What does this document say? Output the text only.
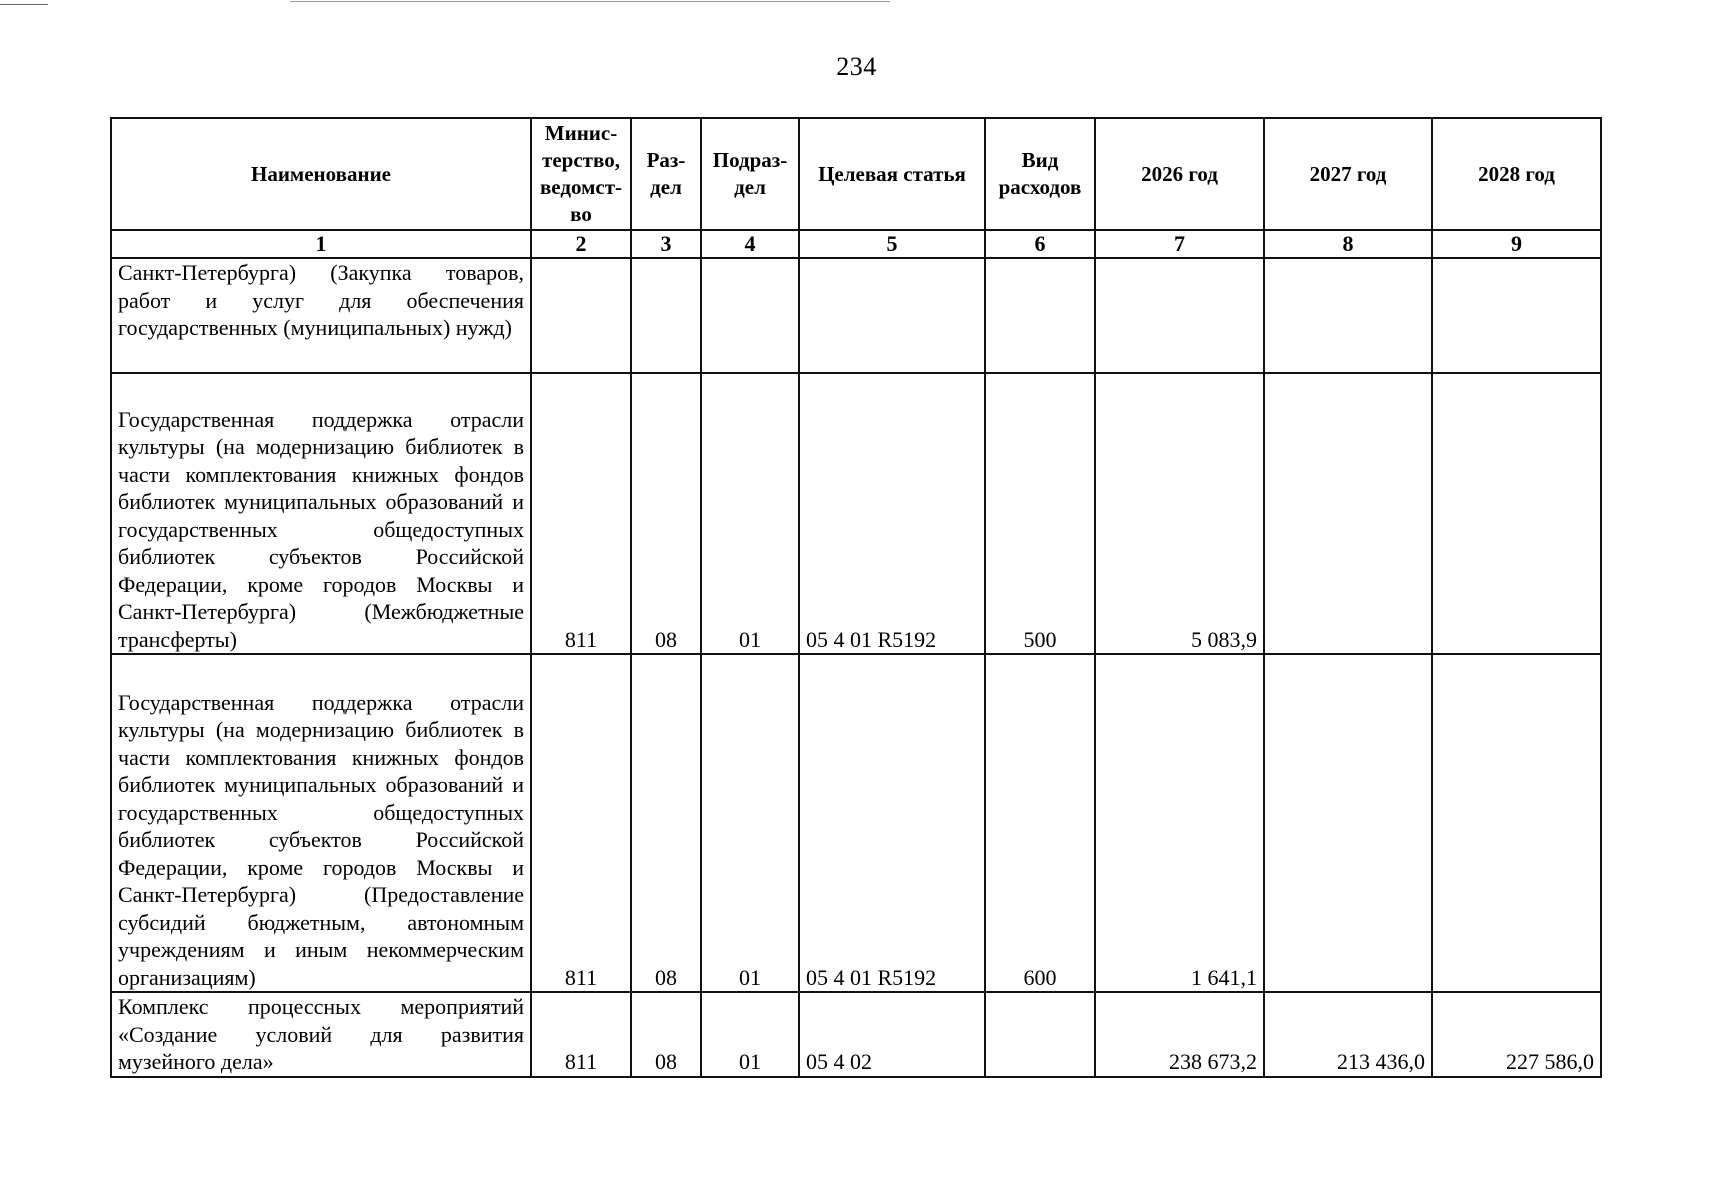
234
Наименование	Минис-терство, ведомст-во	Раз-дел	Подраз-дел	Целевая статья	Вид расходов	2026 год	2027 год	2028 год
1	2	3	4	5	6	7	8	9
Санкт-Петербурга) (Закупка товаров, работ и услуг для обеспечения государственных (муниципальных) нужд)								
Государственная поддержка отрасли культуры (на модернизацию библиотек в части комплектования книжных фондов библиотек муниципальных образований и государственных общедоступных библиотек субъектов Российской Федерации, кроме городов Москвы и Санкт-Петербурга) (Межбюджетные трансферты)	811	08	01	05 4 01 R5192	500	5 083,9		
Государственная поддержка отрасли культуры (на модернизацию библиотек в части комплектования книжных фондов библиотек муниципальных образований и государственных общедоступных библиотек субъектов Российской Федерации, кроме городов Москвы и Санкт-Петербурга) (Предоставление субсидий бюджетным, автономным учреждениям и иным некоммерческим организациям)	811	08	01	05 4 01 R5192	600	1 641,1		
Комплекс процессных мероприятий «Создание условий для развития музейного дела»	811	08	01	05 4 02		238 673,2	213 436,0	227 586,0
